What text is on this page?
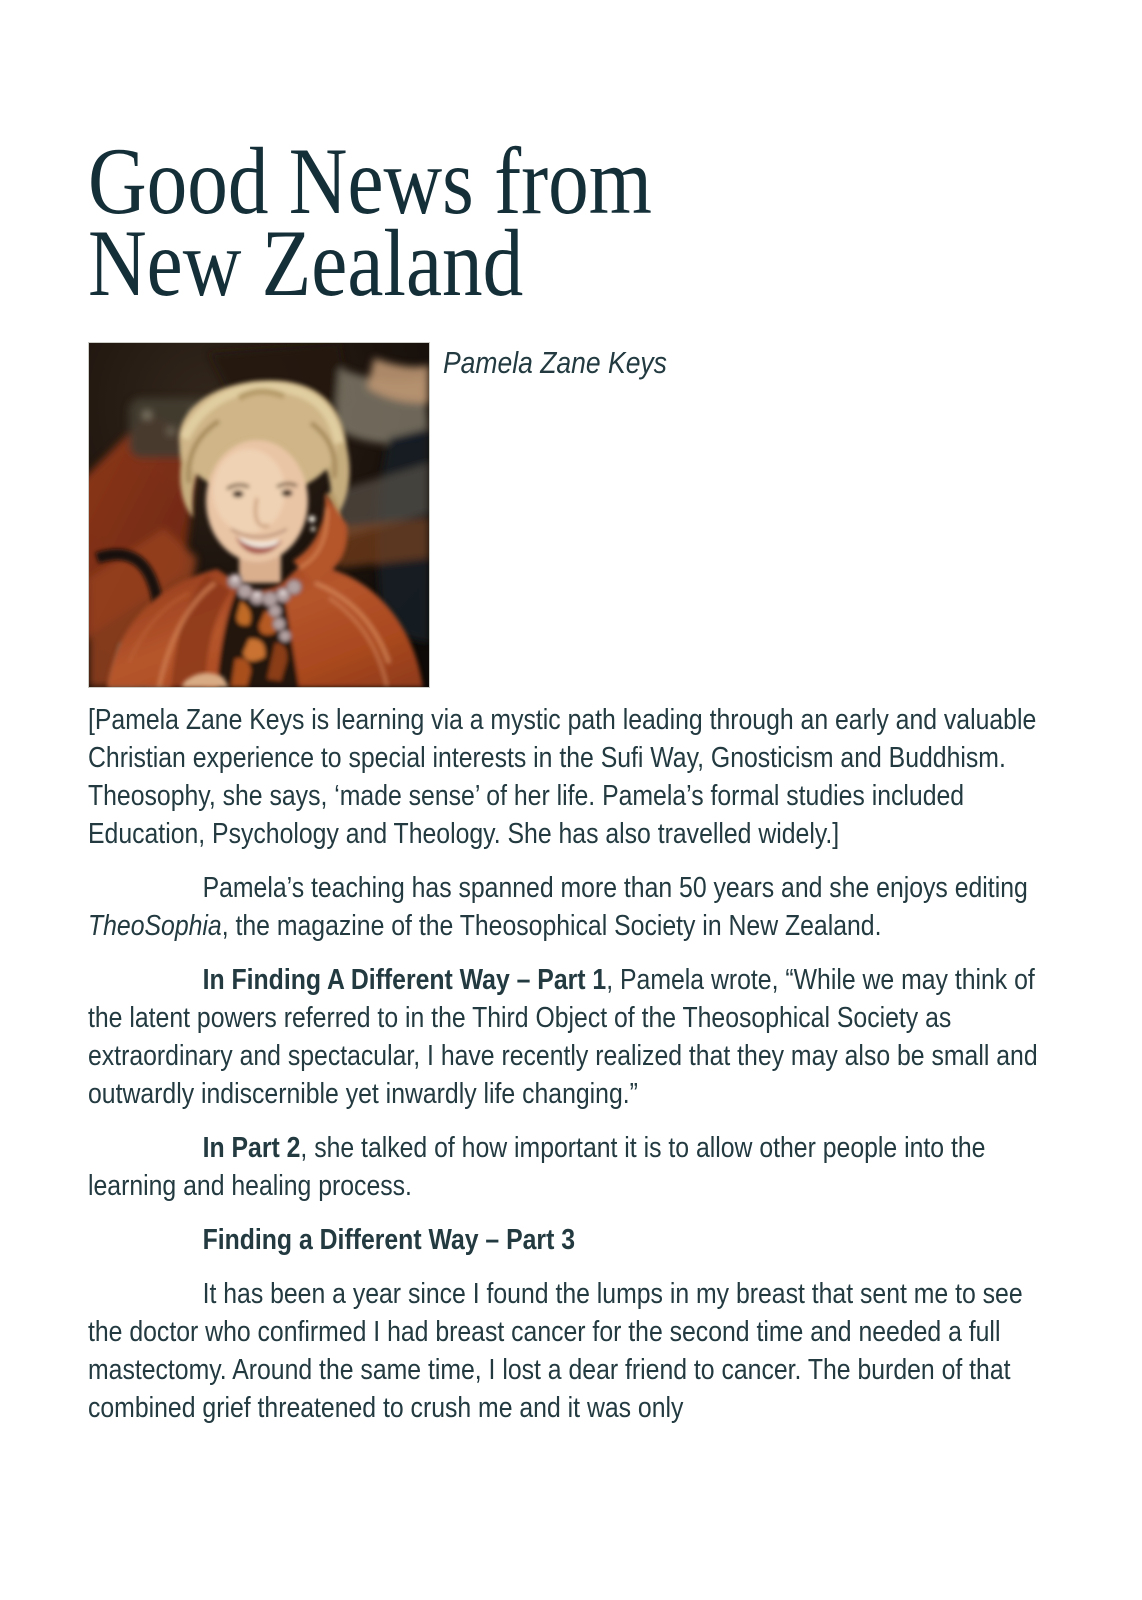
Good News from
New Zealand
Pamela Zane Keys

[Pamela Zane Keys is learning via a mystic path leading through an early and valuable Christian experience to special interests in the Sufi Way, Gnosticism and Buddhism. Theosophy, she says, ‘made sense’ of her life. Pamela’s formal studies included Education, Psychology and Theology. She has also travelled widely.]

Pamela’s teaching has spanned more than 50 years and she enjoys editing TheoSophia, the magazine of the Theosophical Society in New Zealand.

In Finding A Different Way – Part 1, Pamela wrote, “While we may think of the latent powers referred to in the Third Object of the Theosophical Society as extraordinary and spectacular, I have recently realized that they may also be small and outwardly indiscernible yet inwardly life changing.”

In Part 2, she talked of how important it is to allow other people into the learning and healing process.

Finding a Different Way – Part 3

It has been a year since I found the lumps in my breast that sent me to see the doctor who confirmed I had breast cancer for the second time and needed a full mastectomy. Around the same time, I lost a dear friend to cancer. The burden of that combined grief threatened to crush me and it was only
